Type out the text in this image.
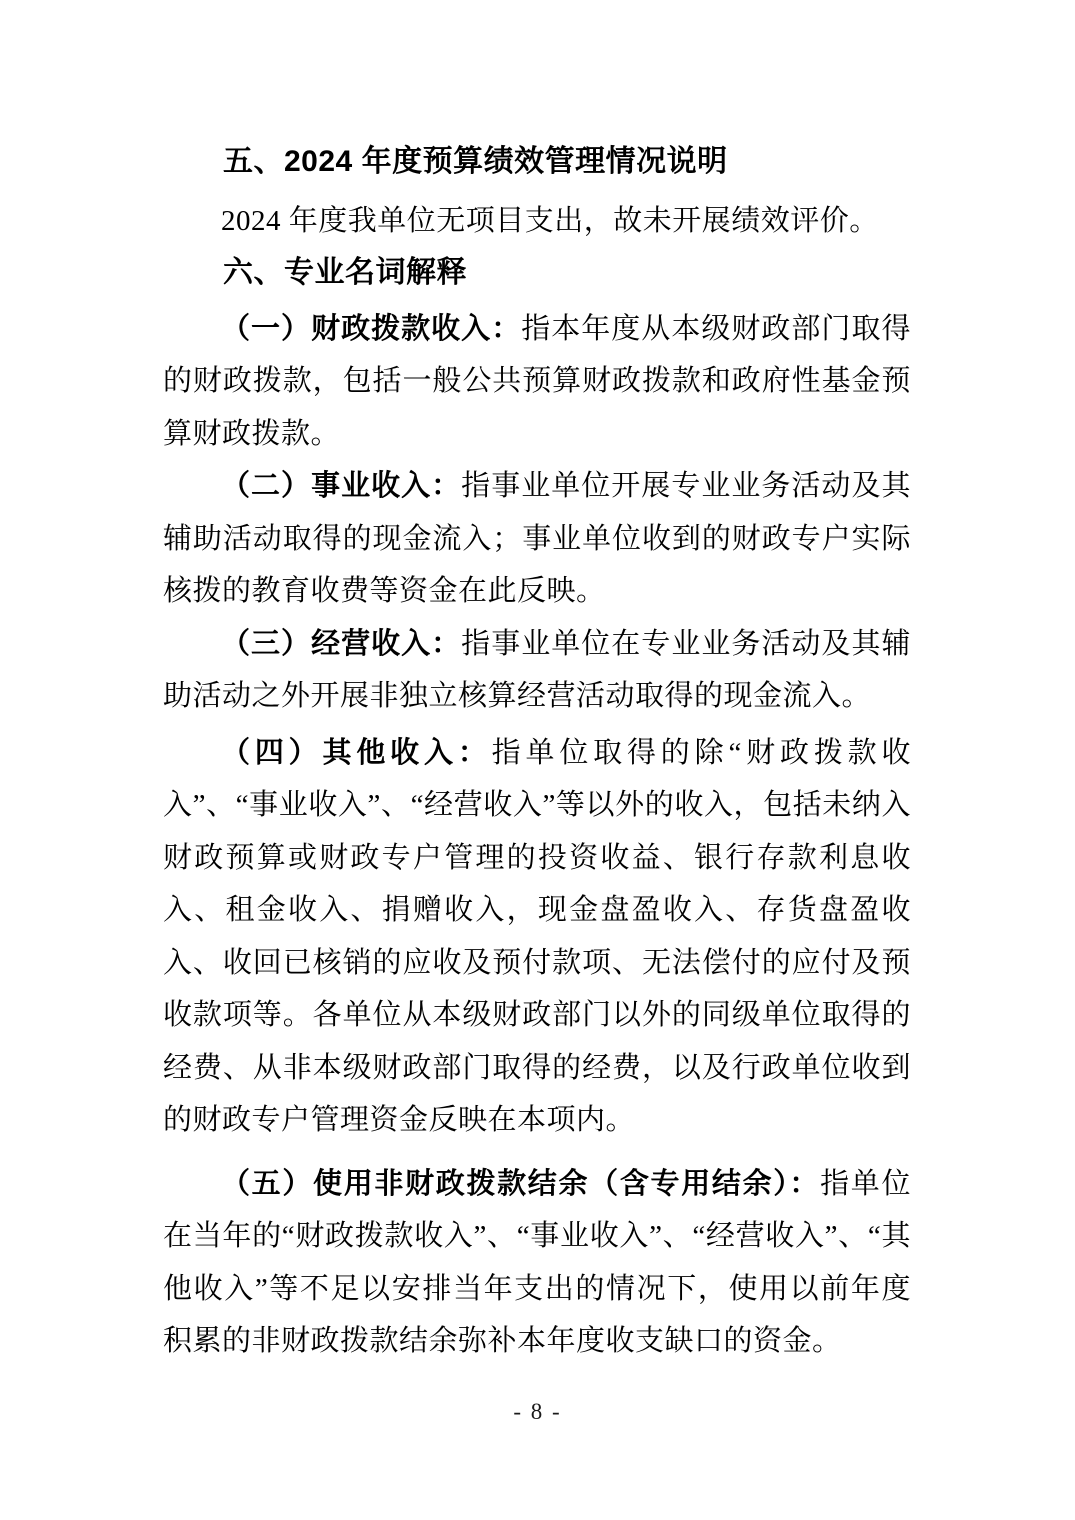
五、2024 年度预算绩效管理情况说明

2024 年度我单位无项目支出，故未开展绩效评价。

六、专业名词解释

（一）财政拨款收入：指本年度从本级财政部门取得的财政拨款，包括一般公共预算财政拨款和政府性基金预算财政拨款。

（二）事业收入：指事业单位开展专业业务活动及其辅助活动取得的现金流入；事业单位收到的财政专户实际核拨的教育收费等资金在此反映。

（三）经营收入：指事业单位在专业业务活动及其辅助活动之外开展非独立核算经营活动取得的现金流入。

（四）其他收入：指单位取得的除“财政拨款收入”、“事业收入”、“经营收入”等以外的收入，包括未纳入财政预算或财政专户管理的投资收益、银行存款利息收入、租金收入、捐赠收入，现金盘盈收入、存货盘盈收入、收回已核销的应收及预付款项、无法偿付的应付及预收款项等。各单位从本级财政部门以外的同级单位取得的经费、从非本级财政部门取得的经费，以及行政单位收到的财政专户管理资金反映在本项内。

（五）使用非财政拨款结余（含专用结余）：指单位在当年的“财政拨款收入”、“事业收入”、“经营收入”、“其他收入”等不足以安排当年支出的情况下，使用以前年度积累的非财政拨款结余弥补本年度收支缺口的资金。

- 8 -
